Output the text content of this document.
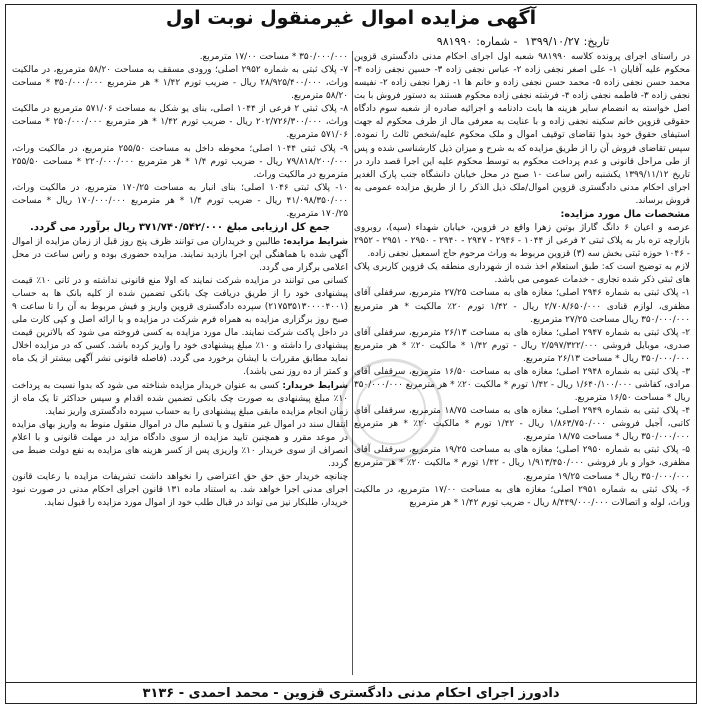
آگهی مزایده اموال غیرمنقول نوبت اول
تاریخ:۱۳۹۹/۱۰/۲۷ - شماره:۹۸۱۹۹۰

در راستای اجرای پرونده کلاسه ۹۸۱۹۹۰ شعبه اول اجرای احکام مدنی دادگستری قزوین محکوم علیه آقایان ۱- علی اصغر نجفی زاده ۲- عباس نجفی زاده ۳- حسین نجفی زاده ۴- محمد حسن نجفی زاده ۵- محمد حسن نجفی زاده و خانم ها ۱- زهرا نجفی زاده ۲- نفیسه نجفی زاده ۳- فاطمه نجفی زاده ۴- فرشته نجفی زاده محکوم هستند به دستور فروش با بت اصل خواسته به انضمام سایر هزینه ها بابت دادنامه و اجرائیه صادره از شعبه سوم دادگاه حقوقی قزوین خانم سکینه نجفی زاده و با عنایت به معرفی مال از طرف محکوم له جهت استیفای حقوق خود بدوا تقاضای توقیف اموال و ملک محکوم علیه/شخص ثالث را نموده. سپس تقاضای فروش آن را از طریق مزایده که به شرح و میزان ذیل کارشناسی شده و پس از طی مراحل قانونی و عدم پرداخت محکوم به توسط محکوم علیه این اجرا قصد دارد در تاریخ ۱۳۹۹/۱۱/۱۲ یکشنبه راس ساعت ۱۰ صبح در محل خیابان دانشگاه جنب پارک الغدیر اجرای احکام مدنی دادگستری قزوین اموال/ملک ذیل الذکر را از طریق مزایده عمومی به فروش برساند.

مشخصات مال مورد مزایده:

عرصه و اعیان ۶ دانگ گاراژ بوتین زهرا واقع در قزوین، خیابان شهداء (سپه)، روبروی بازارچه تره بار به پلاک ثبتی ۲ فرعی از ۱۰۴۴ - ۲۹۴۶ - ۲۹۴۷ - ۲۹۴۰ - ۲۹۵۰ - ۲۹۵۱ - ۲۹۵۲ - ۱۰۴۶ حوزه ثبتی بخش سه (۳) قزوین مربوط به وراث مرحوم حاج اسمعیل نجفی زاده.

لازم به توضیح است که: طبق استعلام اخذ شده از شهرداری منطقه یک قزوین کاربری پلاک های ثبتی ذکر شده تجاری - خدمات عمومی می باشد.

۱- پلاک ثبتی به شماره ۲۹۴۶ اصلی؛ مغازه های به مساحت ۲۷/۲۵ مترمربع، سرقفلی آقای مظفری، لوازم قنادی ۲/۷۰۸/۶۵۰/۰۰۰ ریال - ۱/۴۲ تورم ۲۰٪ مالکیت * هر مترمربع ۳۵۰/۰۰۰/۰۰۰ ریال مساحت ۲۷/۲۵ مترمربع.

۲- پلاک ثبتی به شماره ۲۹۴۷ اصلی؛ مغازه های به مساحت ۲۶/۱۳ مترمربع، سرقفلی آقای صدری، موبایل فروشی ۲/۵۹۷/۳۲۲/۰۰۰ ریال - تورم ۱/۴۲ * مالکیت ۲۰٪ * هر مترمربع ۳۵۰/۰۰۰/۰۰۰ ریال * مساحت ۲۶/۱۳ مترمربع.

۳- پلاک ثبتی به شماره ۲۹۴۸ اصلی؛ مغازه های به مساحت ۱۶/۵۰ مترمربع، سرقفلی آقای مرادی، کفاشی ۱/۶۴۰/۱۰۰/۰۰۰ ریال - ۱/۴۲ تورم * مالکیت ۲۰٪ * هر مترمربع ۳۵۰/۰۰۰/۰۰۰ ریال * مساحت ۱۶/۵۰ مترمربع.

۴- پلاک ثبتی به شماره ۲۹۴۹ اصلی؛ مغازه های به مساحت ۱۸/۷۵ مترمربع، سرقفلی آقای کاتبی، آجیل فروشی ۱/۸۶۳/۷۵۰/۰۰۰ ریال - ۱/۴۲ تورم * مالکیت ۲۰٪ * هر مترمربع ۳۵۰/۰۰۰/۰۰۰ ریال * مساحت ۱۸/۷۵ مترمربع.

۵- پلاک ثبتی به شماره ۲۹۵۰ اصلی؛ مغازه های به مساحت ۱۹/۲۵ مترمربع، سرقفلی آقای مظفری، خوار و بار فروشی ۱/۹۱۳/۴۵۰/۰۰۰ ریال - ۱/۴۲ تورم * مالکیت ۲۰٪ * هر مترمربع ۳۵۰/۰۰۰/۰۰۰ ریال * مساحت ۱۹/۲۵ مترمربع.

۶- پلاک ثبتی به شماره ۲۹۵۱ اصلی؛ مغازه های به مساحت ۱۷/۰۰ مترمربع، در مالکیت وراث، لوله و اتصالات ۸/۴۴۹/۰۰۰/۰۰۰ ریال - ضریب تورم ۱/۴۲ * هر مترمربع

۳۵۰/۰۰۰/۰۰۰ * مساحت ۱۷/۰۰ مترمربع.

۷- پلاک ثبتی به شماره ۲۹۵۲ اصلی؛ ورودی مسقف به مساحت ۵۸/۲۰ مترمربع، در مالکیت وراث، ۲۸/۹۲۵/۴۰۰/۰۰۰ ریال - ضریب تورم ۱/۴۲ * هر مترمربع ۳۵۰/۰۰۰/۰۰۰ * مساحت ۵۸/۲۰ مترمربع.

۸- پلاک ثبتی ۲ فرعی از ۱۰۴۴ اصلی، بنای یو شکل به مساحت ۵۷۱/۰۶ مترمربع در مالکیت وراث، ۲۰۲/۷۲۶/۳۰۰/۰۰۰ ریال - ضریب تورم ۱/۴۲ * هر مترمربع ۲۵۰/۰۰۰/۰۰۰ * مساحت ۵۷۱/۰۶ مترمربع.

۹- پلاک ثبتی ۱۰۴۴ اصلی؛ محوطه داخل به مساحت ۲۵۵/۵۰ مترمربع، در مالکیت وراث، ۷۹/۸۱۸/۲۰۰/۰۰۰ ریال - ضریب تورم ۱/۴ * هر مترمربع ۲۲۰/۰۰۰/۰۰۰ * مساحت ۲۵۵/۵۰ مترمربع در مالکیت وراث.

۱۰- پلاک ثبتی ۱۰۴۶ اصلی؛ بنای انبار به مساحت ۱۷۰/۲۵ مترمربع، در مالکیت وراث، ۴۱/۰۹۸/۳۵۰/۰۰۰ ریال - ضریب تورم ۱/۴ * هر مترمربع ۱۷۰/۰۰۰/۰۰۰ ریال * مساحت ۱۷۰/۲۵ مترمربع.

جمع کل ارزیابی مبلغ ۳۷۱/۷۴۰/۵۴۲/۰۰۰ ریال برآورد می گردد.

شرایط مزایده: طالبین و خریداران می توانند ظرف پنج روز قبل از زمان مزایده از اموال آگهی شده با هماهنگی این اجرا بازدید نمایند. مزایده حضوری بوده و راس ساعت در محل اعلامی برگزار می گردد.

کسانی می توانند در مزایده شرکت نمایند که اولا منع قانونی نداشته و در ثانی ۱۰٪ قیمت پیشنهادی خود را از طریق دریافت چک بانکی تضمین شده از کلیه بانک ها به حساب (۲۱۷۵۳۵۱۳۰۰۰۰۴۰۰۱) سپرده دادگستری قزوین واریز و فیش مربوط به آن را تا ساعت ۹ صبح روز برگزاری مزایده به همراه فرم شرکت در مزایده و با ارائه اصل و کپی کارت ملی در داخل پاکت شرکت نمایند. مال مورد مزایده به کسی فروخته می شود که بالاترین قیمت پیشنهادی را داشته و ۱۰٪ مبلغ پیشنهادی خود را واریز کرده باشد. کسی که در مزایده اخلال نماید مطابق مقررات با ایشان برخورد می گردد. (فاصله قانونی نشر آگهی بیشتر از یک ماه و کمتر از ده روز نمی باشد).

شرایط خریدار: کسی به عنوان خریدار مزایده شناخته می شود که بدوا نسبت به پرداخت ۱۰٪ مبلغ پیشنهادی به صورت چک بانکی تضمین شده اقدام و سپس حداکثر تا یک ماه از زمان انجام مزایده مابقی مبلغ پیشنهادی را به حساب سپرده دادگستری واریز نماید.

انتقال سند در اموال غیر منقول و یا تسلیم مال در اموال منقول منوط به واریز بهای مزایده در موعد مقرر و همچنین تایید مزایده از سوی دادگاه مزاید در مهلت قانونی و با اعلام انصراف از سوی خریدار ۱۰٪ واریزی پس از کسر هزینه های مزایده به نفع دولت ضبط می گردد.

چنانچه خریدار حق حق حق اعتراضی را نخواهد داشت تشریفات مزایده با رعایت قانون اجرای مدنی اجرا خواهد شد. به استناد ماده ۱۳۱ قانون اجرای احکام مدنی در صورت نبود خریدار، طلبکار نیز می تواند در قبال طلب خود از اموال مورد مزایده را قبول نماید.

دادورز اجرای احکام مدنی دادگستری قزوین - محمد احمدی - ۳۱۳۶
